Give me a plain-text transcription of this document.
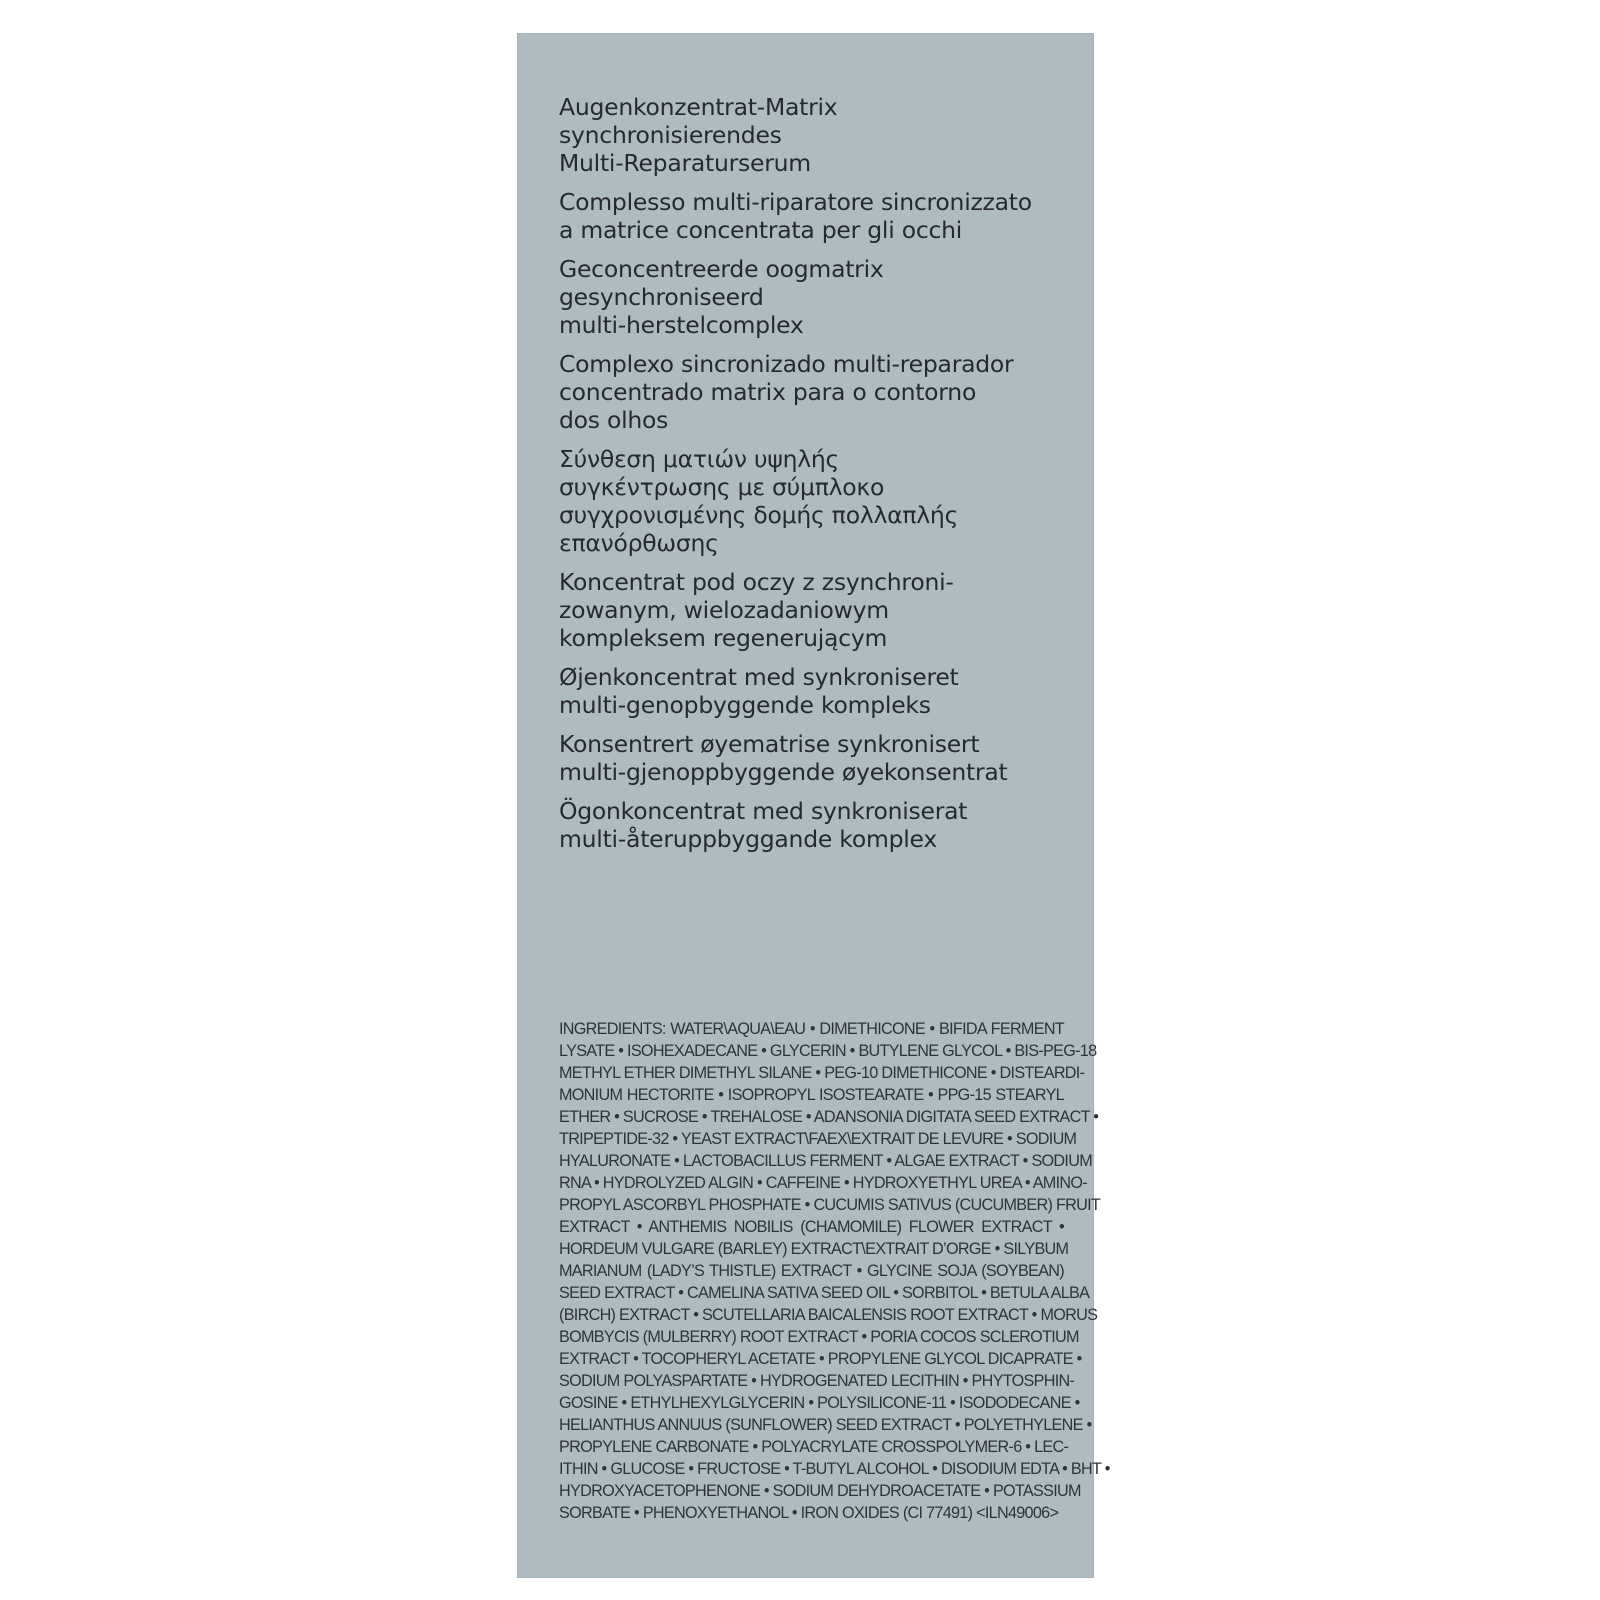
Augenkonzentrat-Matrix
synchronisierendes
Multi-Reparaturserum
Complesso multi-riparatore sincronizzato
a matrice concentrata per gli occhi
Geconcentreerde oogmatrix
gesynchroniseerd
multi-herstelcomplex
Complexo sincronizado multi-reparador
concentrado matrix para o contorno
dos olhos
Σύνθεση ματιών υψηλής
συγκέντρωσης με σύμπλοκο
συγχρονισμένης δομής πολλαπλής
επανόρθωσης
Koncentrat pod oczy z zsynchroni-
zowanym, wielozadaniowym
kompleksem regenerującym
Øjenkoncentrat med synkroniseret
multi-genopbyggende kompleks
Konsentrert øyematrise synkronisert
multi-gjenoppbyggende øyekonsentrat
Ögonkoncentrat med synkroniserat
multi-återuppbyggande komplex
INGREDIENTS: WATER\AQUA\EAU • DIMETHICONE • BIFIDA FERMENT
LYSATE • ISOHEXADECANE • GLYCERIN • BUTYLENE GLYCOL • BIS-PEG-18
METHYL ETHER DIMETHYL SILANE • PEG-10 DIMETHICONE • DISTEARDI-
MONIUM HECTORITE • ISOPROPYL ISOSTEARATE • PPG-15 STEARYL
ETHER • SUCROSE • TREHALOSE • ADANSONIA DIGITATA SEED EXTRACT •
TRIPEPTIDE-32 • YEAST EXTRACT\FAEX\EXTRAIT DE LEVURE • SODIUM
HYALURONATE • LACTOBACILLUS FERMENT • ALGAE EXTRACT • SODIUM
RNA • HYDROLYZED ALGIN • CAFFEINE • HYDROXYETHYL UREA • AMINO-
PROPYL ASCORBYL PHOSPHATE • CUCUMIS SATIVUS (CUCUMBER) FRUIT
EXTRACT • ANTHEMIS NOBILIS (CHAMOMILE) FLOWER EXTRACT •
HORDEUM VULGARE (BARLEY) EXTRACT\EXTRAIT D’ORGE • SILYBUM
MARIANUM (LADY’S THISTLE) EXTRACT • GLYCINE SOJA (SOYBEAN)
SEED EXTRACT • CAMELINA SATIVA SEED OIL • SORBITOL • BETULA ALBA
(BIRCH) EXTRACT • SCUTELLARIA BAICALENSIS ROOT EXTRACT • MORUS
BOMBYCIS (MULBERRY) ROOT EXTRACT • PORIA COCOS SCLEROTIUM
EXTRACT • TOCOPHERYL ACETATE • PROPYLENE GLYCOL DICAPRATE •
SODIUM POLYASPARTATE • HYDROGENATED LECITHIN • PHYTOSPHIN-
GOSINE • ETHYLHEXYLGLYCERIN • POLYSILICONE-11 • ISODODECANE •
HELIANTHUS ANNUUS (SUNFLOWER) SEED EXTRACT • POLYETHYLENE •
PROPYLENE CARBONATE • POLYACRYLATE CROSSPOLYMER-6 • LEC-
ITHIN • GLUCOSE • FRUCTOSE • T-BUTYL ALCOHOL • DISODIUM EDTA • BHT •
HYDROXYACETOPHENONE • SODIUM DEHYDROACETATE • POTASSIUM
SORBATE • PHENOXYETHANOL • IRON OXIDES (CI 77491) <ILN49006>
